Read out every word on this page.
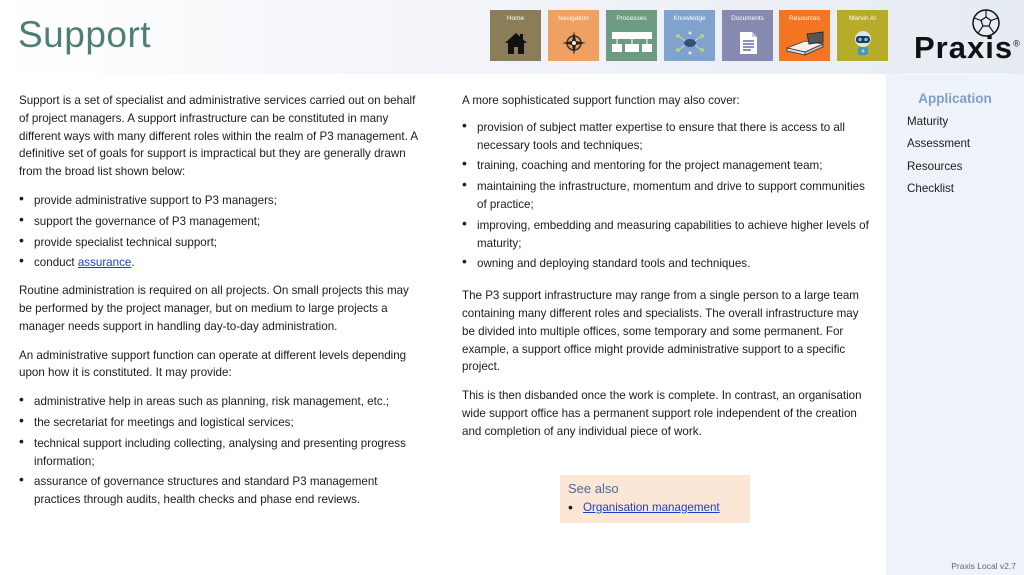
Support	Home	Navigation	Processes	Knowledge	Documents	Resources	Marvin AI
Praxis®

Support is a set of specialist and administrative services carried out on behalf of project managers. A support infrastructure can be constituted in many different ways with many different roles within the realm of P3 management. A definitive set of goals for support is impractical but they are generally drawn from the broad list shown below:

• provide administrative support to P3 managers;
• support the governance of P3 management;
• provide specialist technical support;
• conduct assurance.

Routine administration is required on all projects. On small projects this may be performed by the project manager, but on medium to large projects a manager needs support in handling day-to-day administration.

An administrative support function can operate at different levels depending upon how it is constituted. It may provide:

• administrative help in areas such as planning, risk management, etc.;
• the secretariat for meetings and logistical services;
• technical support including collecting, analysing and presenting progress information;
• assurance of governance structures and standard P3 management practices through audits, health checks and phase end reviews.

A more sophisticated support function may also cover:

• provision of subject matter expertise to ensure that there is access to all necessary tools and techniques;
• training, coaching and mentoring for the project management team;
• maintaining the infrastructure, momentum and drive to support communities of practice;
• improving, embedding and measuring capabilities to achieve higher levels of maturity;
• owning and deploying standard tools and techniques.

The P3 support infrastructure may range from a single person to a large team containing many different roles and specialists. The overall infrastructure may be divided into multiple offices, some temporary and some permanent. For example, a support office might provide administrative support to a specific project.

This is then disbanded once the work is complete. In contrast, an organisation wide support office has a permanent support role independent of the creation and completion of any individual piece of work.

See also
• Organisation management
Application
Maturity
Assessment
Resources
Checklist
Praxis Local v2.7
